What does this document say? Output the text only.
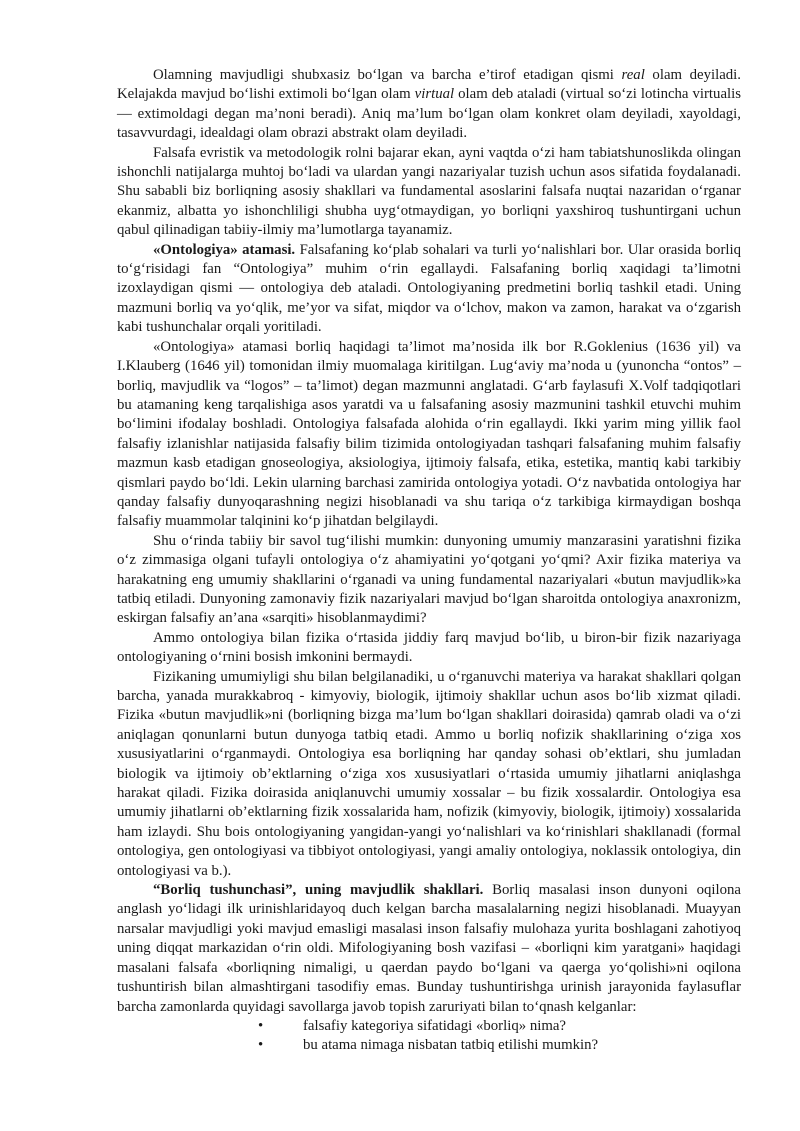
Olamning mavjudligi shubxasiz bo‘lgan va barcha e’tirof etadigan qismi real olam deyiladi. Kelajakda mavjud bo‘lishi extimoli bo‘lgan olam virtual olam deb ataladi (virtual so‘zi lotincha virtualis — extimoldagi degan ma’noni beradi). Aniq ma’lum bo‘lgan olam konkret olam deyiladi, xayoldagi, tasavvurdagi, idealdagi olam obrazi abstrakt olam deyiladi.

Falsafa evristik va metodologik rolni bajarar ekan, ayni vaqtda o‘zi ham tabiatshunoslikda olingan ishonchli natijalarga muhtoj bo‘ladi va ulardan yangi nazariyalar tuzish uchun asos sifatida foydalanadi. Shu sababli biz borliqning asosiy shakllari va fundamental asoslarini falsafa nuqtai nazaridan o‘rganar ekanmiz, albatta yo ishonchliligi shubha uyg‘otmaydigan, yo borliqni yaxshiroq tushuntirgani uchun qabul qilinadigan tabiiy-ilmiy ma’lumotlarga tayanamiz.

«Ontologiya» atamasi. Falsafaning ko‘plab sohalari va turli yo‘nalishlari bor. Ular orasida borliq to‘g‘risidagi fan “Ontologiya” muhim o‘rin egallaydi. Falsafaning borliq xaqidagi ta’limotni izoxlaydigan qismi — ontologiya deb ataladi. Ontologiyaning predmetini borliq tashkil etadi. Uning mazmuni borliq va yo‘qlik, me’yor va sifat, miqdor va o‘lchov, makon va zamon, harakat va o‘zgarish kabi tushunchalar orqali yoritiladi.

«Ontologiya» atamasi borliq haqidagi ta’limot ma’nosida ilk bor R.Goklenius (1636 yil) va I.Klauberg (1646 yil) tomonidan ilmiy muomalaga kiritilgan. Lug‘aviy ma’noda u (yunoncha “ontos” – borliq, mavjudlik va “logos” – ta’limot) degan mazmunni anglatadi. G‘arb faylasufi X.Volf tadqiqotlari bu atamaning keng tarqalishiga asos yaratdi va u falsafaning asosiy mazmunini tashkil etuvchi muhim bo‘limini ifodalay boshladi. Ontologiya falsafada alohida o‘rin egallaydi. Ikki yarim ming yillik faol falsafiy izlanishlar natijasida falsafiy bilim tizimida ontologiyadan tashqari falsafaning muhim falsafiy mazmun kasb etadigan gnoseologiya, aksiologiya, ijtimoiy falsafa, etika, estetika, mantiq kabi tarkibiy qismlari paydo bo‘ldi. Lekin ularning barchasi zamirida ontologiya yotadi. O‘z navbatida ontologiya har qanday falsafiy dunyoqarashning negizi hisoblanadi va shu tariqa o‘z tarkibiga kirmaydigan boshqa falsafiy muammolar talqinini ko‘p jihatdan belgilaydi.

Shu o‘rinda tabiiy bir savol tug‘ilishi mumkin: dunyoning umumiy manzarasini yaratishni fizika o‘z zimmasiga olgani tufayli ontologiya o‘z ahamiyatini yo‘qotgani yo‘qmi? Axir fizika materiya va harakatning eng umumiy shakllarini o‘rganadi va uning fundamental nazariyalari «butun mavjudlik»ka tatbiq etiladi. Dunyoning zamonaviy fizik nazariyalari mavjud bo‘lgan sharoitda ontologiya anaxronizm, eskirgan falsafiy an’ana «sarqiti» hisoblanmaydimi?

Ammo ontologiya bilan fizika o‘rtasida jiddiy farq mavjud bo‘lib, u biron-bir fizik nazariyaga ontologiyaning o‘rnini bosish imkonini bermaydi.

Fizikaning umumiyligi shu bilan belgilanadiki, u o‘rganuvchi materiya va harakat shakllari qolgan barcha, yanada murakkabroq - kimyoviy, biologik, ijtimoiy shakllar uchun asos bo‘lib xizmat qiladi. Fizika «butun mavjudlik»ni (borliqning bizga ma’lum bo‘lgan shakllari doirasida) qamrab oladi va o‘zi aniqlagan qonunlarni butun dunyoga tatbiq etadi. Ammo u borliq nofizik shakllarining o‘ziga xos xususiyatlarini o‘rganmaydi. Ontologiya esa borliqning har qanday sohasi ob’ektlari, shu jumladan biologik va ijtimoiy ob’ektlarning o‘ziga xos xususiyatlari o‘rtasida umumiy jihatlarni aniqlashga harakat qiladi. Fizika doirasida aniqlanuvchi umumiy xossalar – bu fizik xossalardir. Ontologiya esa umumiy jihatlarni ob’ektlarning fizik xossalarida ham, nofizik (kimyoviy, biologik, ijtimoiy) xossalarida ham izlaydi. Shu bois ontologiyaning yangidan-yangi yo‘nalishlari va ko‘rinishlari shakllanadi (formal ontologiya, gen ontologiyasi va tibbiyot ontologiyasi, yangi amaliy ontologiya, noklassik ontologiya, din ontologiyasi va b.).

“Borliq tushunchasi”, uning mavjudlik shakllari. Borliq masalasi inson dunyoni oqilona anglash yo‘lidagi ilk urinishlaridayoq duch kelgan barcha masalalarning negizi hisoblanadi. Muayyan narsalar mavjudligi yoki mavjud emasligi masalasi inson falsafiy mulohaza yurita boshlagani zahotiyoq uning diqqat markazidan o‘rin oldi. Mifologiyaning bosh vazifasi – «borliqni kim yaratgani» haqidagi masalani falsafa «borliqning nimaligi, u qaerdan paydo bo‘lgani va qaerga yo‘qolishi»ni oqilona tushuntirish bilan almashtirgani tasodifiy emas. Bunday tushuntirishga urinish jarayonida faylasuflar barcha zamonlarda quyidagi savollarga javob topish zaruriyati bilan to‘qnash kelganlar:

•	falsafiy kategoriya sifatidagi «borliq» nima?
•	bu atama nimaga nisbatan tatbiq etilishi mumkin?
